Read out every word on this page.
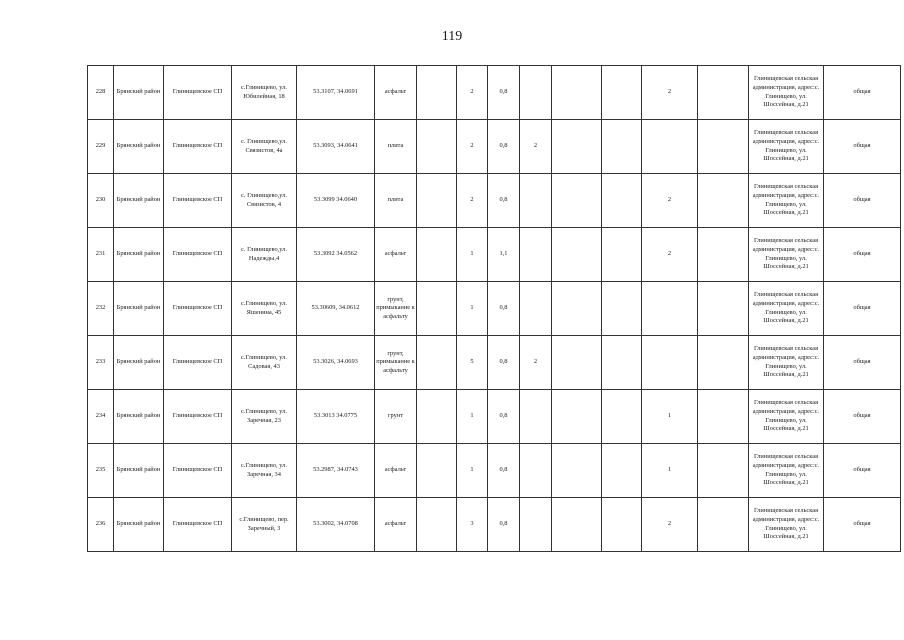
119
228	Брянский район	Глинищевское СП	с.Глинищево, ул. Юбилейная, 18	53.3107, 34.0691	асфальт		2	0,8				2		Глинищевская сельская администрация, адрес:с. Глинищево, ул. Шоссейная, д.21	общая
229	Брянский район	Глинищевское СП	с. Глинищево,ул. Связистов, 4а	53.3093, 34.0641	плита		2	0,8	2					Глинищевская сельская администрация, адрес:с. Глинищево, ул. Шоссейная, д.21	общая
230	Брянский район	Глинищевское СП	с. Глинищево,ул. Связистов, 4	53.3099 34.0640	плита		2	0,8				2		Глинищевская сельская администрация, адрес:с. Глинищево, ул. Шоссейная, д.21	общая
231	Брянский район	Глинищевское СП	с. Глинищево,ул. Надежды,4	53.3092 34.0562	асфальт		1	1,1				2		Глинищевская сельская администрация, адрес:с. Глинищево, ул. Шоссейная, д.21	общая
232	Брянский район	Глинищевское СП	с.Глинищево, ул. Яшенина, 45	53.30609, 34.0612	грунт, примыкание к асфальту		1	0,8						Глинищевская сельская администрация, адрес:с. Глинищево, ул. Шоссейная, д.21	общая
233	Брянский район	Глинищевское СП	с.Глинищево, ул. Садовая, 43	53.3026, 34.0693	грунт, примыкание к асфальту		5	0,8	2					Глинищевская сельская администрация, адрес:с. Глинищево, ул. Шоссейная, д.21	общая
234	Брянский район	Глинищевское СП	с.Глинищево, ул. Заречная, 23	53.3013 34.0775	грунт		1	0,8				1		Глинищевская сельская администрация, адрес:с. Глинищево, ул. Шоссейная, д.21	общая
235	Брянский район	Глинищевское СП	с.Глинищево, ул. Заречная, 34	53.2987, 34.0743	асфальт		1	0,8				1		Глинищевская сельская администрация, адрес:с. Глинищево, ул. Шоссейная, д.21	общая
236	Брянский район	Глинищевское СП	с.Глинищево, пер. Заречный, 3	53.3002, 34.0708	асфальт		3	0,8				2		Глинищевская сельская администрация, адрес:с. Глинищево, ул. Шоссейная, д.21	общая
